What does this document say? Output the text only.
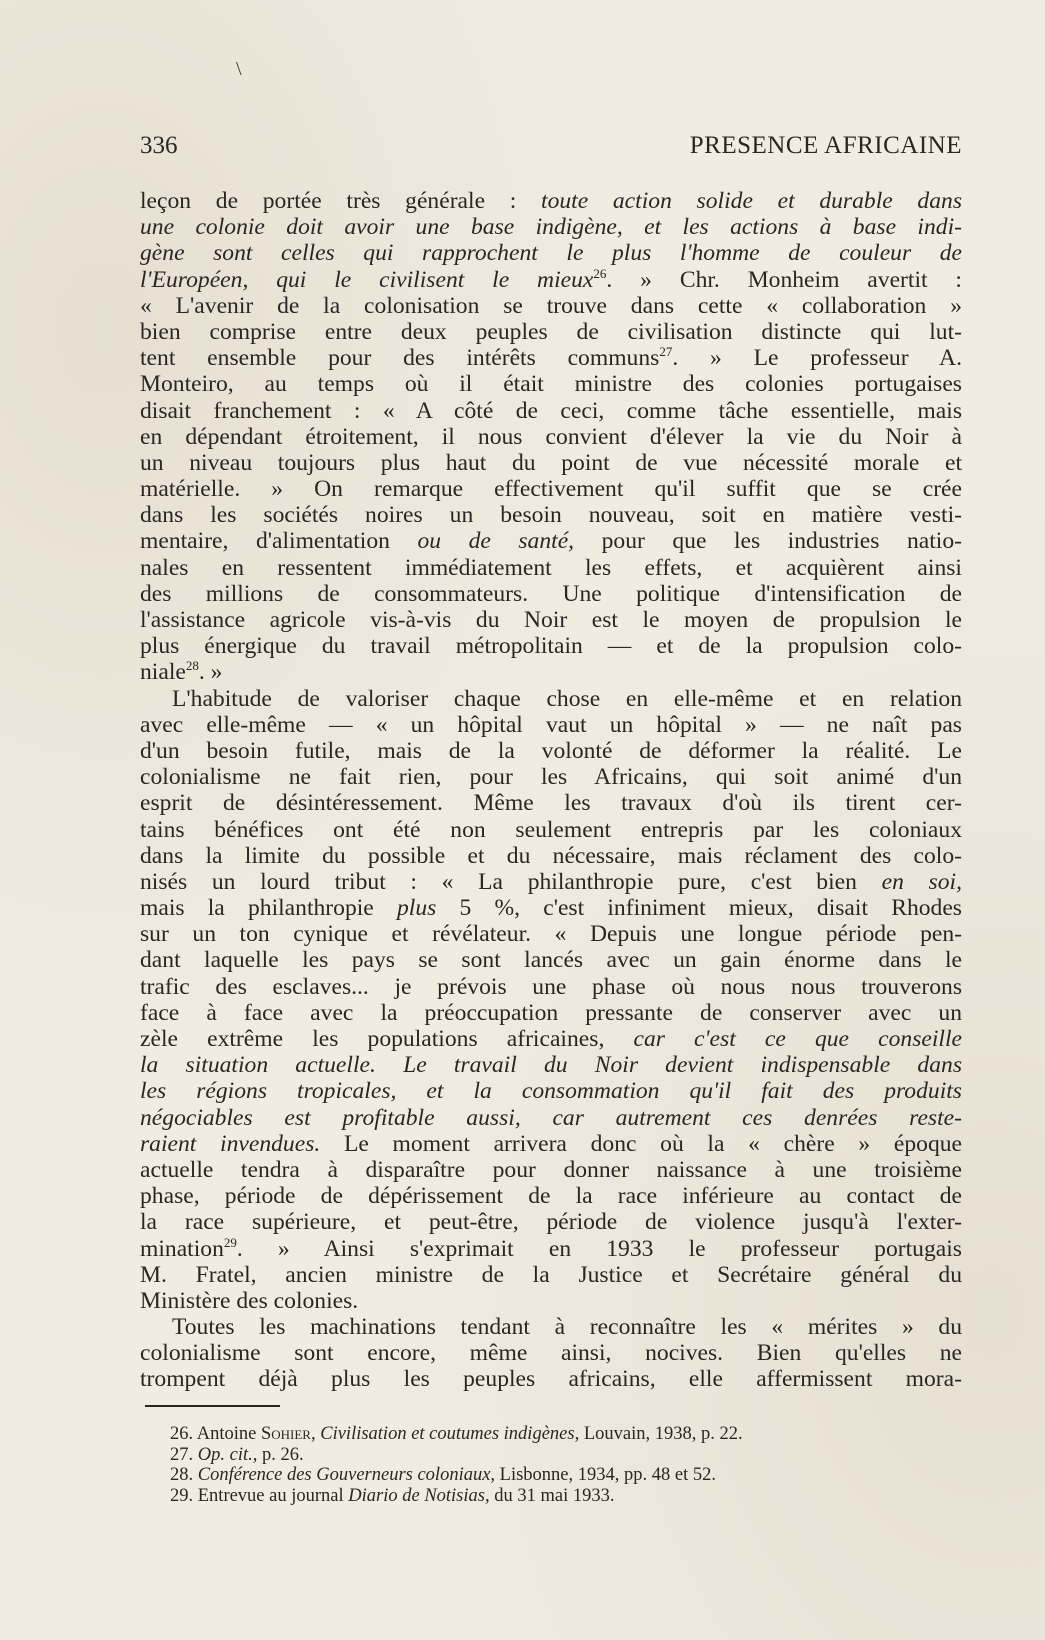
\
336	PRESENCE AFRICAINE
leçon de portée très générale : toute action solide et durable dans
une colonie doit avoir une base indigène, et les actions à base indi-
gène sont celles qui rapprochent le plus l'homme de couleur de
l'Européen, qui le civilisent le mieux$^{26}$. » Chr. Monheim avertit :
« L'avenir de la colonisation se trouve dans cette « collaboration »
bien comprise entre deux peuples de civilisation distincte qui lut-
tent ensemble pour des intérêts communs$^{27}$. » Le professeur A.
Monteiro, au temps où il était ministre des colonies portugaises
disait franchement : « A côté de ceci, comme tâche essentielle, mais
en dépendant étroitement, il nous convient d'élever la vie du Noir à
un niveau toujours plus haut du point de vue nécessité morale et
matérielle. » On remarque effectivement qu'il suffit que se crée
dans les sociétés noires un besoin nouveau, soit en matière vesti-
mentaire, d'alimentation ou de santé, pour que les industries natio-
nales en ressentent immédiatement les effets, et acquièrent ainsi
des millions de consommateurs. Une politique d'intensification de
l'assistance agricole vis-à-vis du Noir est le moyen de propulsion le
plus énergique du travail métropolitain — et de la propulsion colo-
niale$^{28}$. »
L'habitude de valoriser chaque chose en elle-même et en relation
avec elle-même — « un hôpital vaut un hôpital » — ne naît pas
d'un besoin futile, mais de la volonté de déformer la réalité. Le
colonialisme ne fait rien, pour les Africains, qui soit animé d'un
esprit de désintéressement. Même les travaux d'où ils tirent cer-
tains bénéfices ont été non seulement entrepris par les coloniaux
dans la limite du possible et du nécessaire, mais réclament des colo-
nisés un lourd tribut : « La philanthropie pure, c'est bien en soi,
mais la philanthropie plus 5 %, c'est infiniment mieux, disait Rhodes
sur un ton cynique et révélateur. « Depuis une longue période pen-
dant laquelle les pays se sont lancés avec un gain énorme dans le
trafic des esclaves... je prévois une phase où nous nous trouverons
face à face avec la préoccupation pressante de conserver avec un
zèle extrême les populations africaines, car c'est ce que conseille
la situation actuelle. Le travail du Noir devient indispensable dans
les régions tropicales, et la consommation qu'il fait des produits
négociables est profitable aussi, car autrement ces denrées reste-
raient invendues. Le moment arrivera donc où la « chère » époque
actuelle tendra à disparaître pour donner naissance à une troisième
phase, période de dépérissement de la race inférieure au contact de
la race supérieure, et peut-être, période de violence jusqu'à l'exter-
mination$^{29}$. » Ainsi s'exprimait en 1933 le professeur portugais
M. Fratel, ancien ministre de la Justice et Secrétaire général du
Ministère des colonies.
Toutes les machinations tendant à reconnaître les « mérites » du
colonialisme sont encore, même ainsi, nocives. Bien qu'elles ne
trompent déjà plus les peuples africains, elle affermissent mora-
26. Antoine Sohier, Civilisation et coutumes indigènes, Louvain, 1938, p. 22.
27. Op. cit., p. 26.
28. Conférence des Gouverneurs coloniaux, Lisbonne, 1934, pp. 48 et 52.
29. Entrevue au journal Diario de Notisias, du 31 mai 1933.
